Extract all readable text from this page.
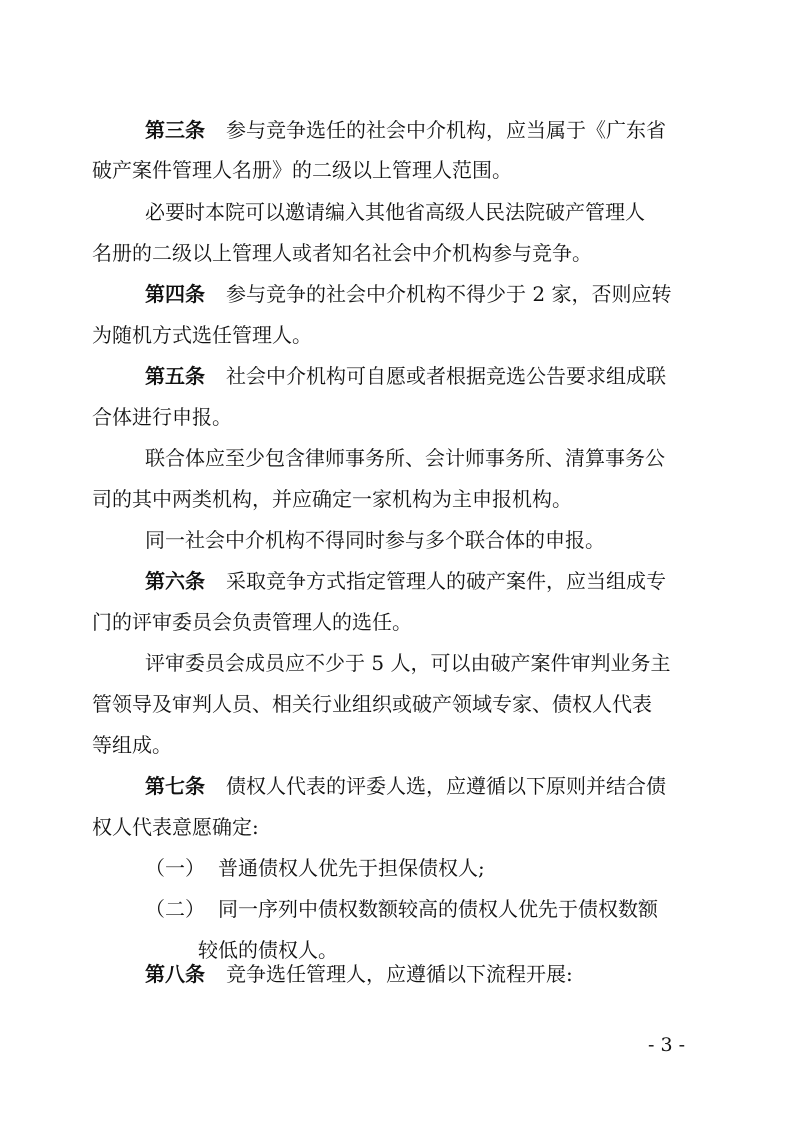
第三条 参与竞争选任的社会中介机构，应当属于《广东省
破产案件管理人名册》的二级以上管理人范围。
必要时本院可以邀请编入其他省高级人民法院破产管理人
名册的二级以上管理人或者知名社会中介机构参与竞争。
第四条 参与竞争的社会中介机构不得少于 2 家，否则应转
为随机方式选任管理人。
第五条 社会中介机构可自愿或者根据竞选公告要求组成联
合体进行申报。
联合体应至少包含律师事务所、会计师事务所、清算事务公
司的其中两类机构，并应确定一家机构为主申报机构。
同一社会中介机构不得同时参与多个联合体的申报。
第六条 采取竞争方式指定管理人的破产案件，应当组成专
门的评审委员会负责管理人的选任。
评审委员会成员应不少于 5 人，可以由破产案件审判业务主
管领导及审判人员、相关行业组织或破产领域专家、债权人代表
等组成。
第七条 债权人代表的评委人选，应遵循以下原则并结合债
权人代表意愿确定:
（一） 普通债权人优先于担保债权人;
（二） 同一序列中债权数额较高的债权人优先于债权数额
较低的债权人。
第八条 竞争选任管理人，应遵循以下流程开展:
- 3 -
